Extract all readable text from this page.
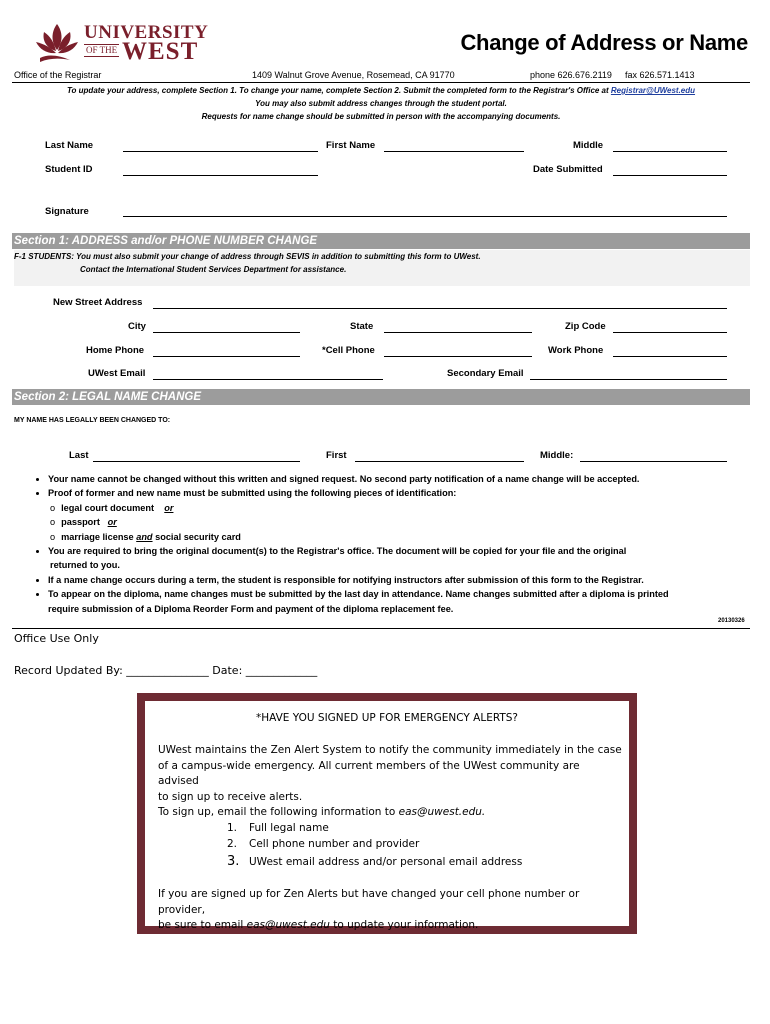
UNIVERSITY
OF THE WEST	Change of Address or Name
Office of the Registrar	1409 Walnut Grove Avenue, Rosemead, CA 91770	phone 626.676.2119 fax 626.571.1413
To update your address, complete Section 1. To change your name, complete Section 2. Submit the completed form to the Registrar's Office at Registrar@UWest.edu
You may also submit address changes through the student portal.
Requests for name change should be submitted in person with the accompanying documents.
Last Name	First Name	Middle
Student ID	Date Submitted
Signature
Section 1: ADDRESS and/or PHONE NUMBER CHANGE
F-1 STUDENTS: You must also submit your change of address through SEVIS in addition to submitting this form to UWest.
Contact the International Student Services Department for assistance.
New Street Address
City	State	Zip Code
Home Phone	*Cell Phone	Work Phone
UWest Email	Secondary Email
Section 2: LEGAL NAME CHANGE
MY NAME HAS LEGALLY BEEN CHANGED TO:
Last	First	Middle:
• Your name cannot be changed without this written and signed request. No second party notification of a name change will be accepted.
• Proof of former and new name must be submitted using the following pieces of identification:
o legal court document or
o passport or
o marriage license and social security card
• You are required to bring the original document(s) to the Registrar's office. The document will be copied for your file and the original
returned to you.
• If a name change occurs during a term, the student is responsible for notifying instructors after submission of this form to the Registrar.
• To appear on the diploma, name changes must be submitted by the last day in attendance. Name changes submitted after a diploma is printed
require submission of a Diploma Reorder Form and payment of the diploma replacement fee.
20130326
Office Use Only
Record Updated By: _______________ Date: _____________
*HAVE YOU SIGNED UP FOR EMERGENCY ALERTS?
UWest maintains the Zen Alert System to notify the community immediately in the case
of a campus-wide emergency. All current members of the UWest community are advised
to sign up to receive alerts.
To sign up, email the following information to eas@uwest.edu.
1. Full legal name
2. Cell phone number and provider
3. UWest email address and/or personal email address
If you are signed up for Zen Alerts but have changed your cell phone number or provider,
be sure to email eas@uwest.edu to update your information.
